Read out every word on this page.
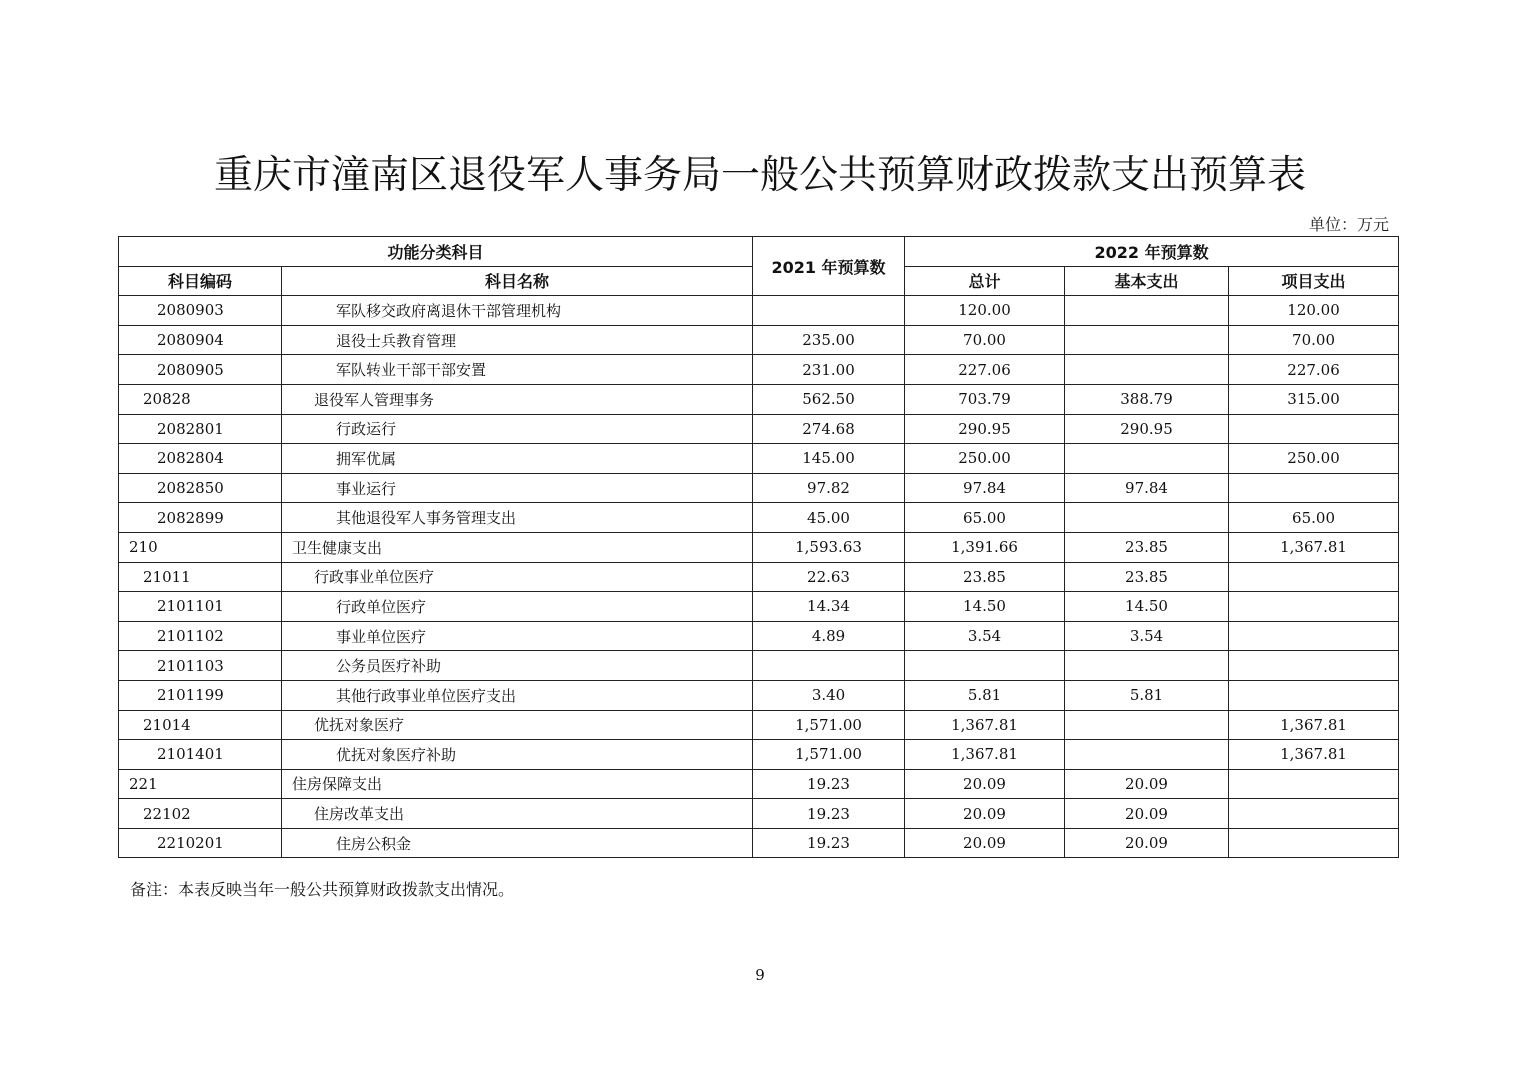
重庆市潼南区退役军人事务局一般公共预算财政拨款支出预算表
单位：万元
功能分类科目		2021 年预算数	2022 年预算数		
科目编码	科目名称		总计	基本支出	项目支出
2080903	军队移交政府离退休干部管理机构		120.00		120.00
2080904	退役士兵教育管理	235.00	70.00		70.00
2080905	军队转业干部干部安置	231.00	227.06		227.06
20828	退役军人管理事务	562.50	703.79	388.79	315.00
2082801	行政运行	274.68	290.95	290.95	
2082804	拥军优属	145.00	250.00		250.00
2082850	事业运行	97.82	97.84	97.84	
2082899	其他退役军人事务管理支出	45.00	65.00		65.00
210	卫生健康支出	1,593.63	1,391.66	23.85	1,367.81
21011	行政事业单位医疗	22.63	23.85	23.85	
2101101	行政单位医疗	14.34	14.50	14.50	
2101102	事业单位医疗	4.89	3.54	3.54	
2101103	公务员医疗补助				
2101199	其他行政事业单位医疗支出	3.40	5.81	5.81	
21014	优抚对象医疗	1,571.00	1,367.81		1,367.81
2101401	优抚对象医疗补助	1,571.00	1,367.81		1,367.81
221	住房保障支出	19.23	20.09	20.09	
22102	住房改革支出	19.23	20.09	20.09	
2210201	住房公积金	19.23	20.09	20.09	
备注：本表反映当年一般公共预算财政拨款支出情况。
9
